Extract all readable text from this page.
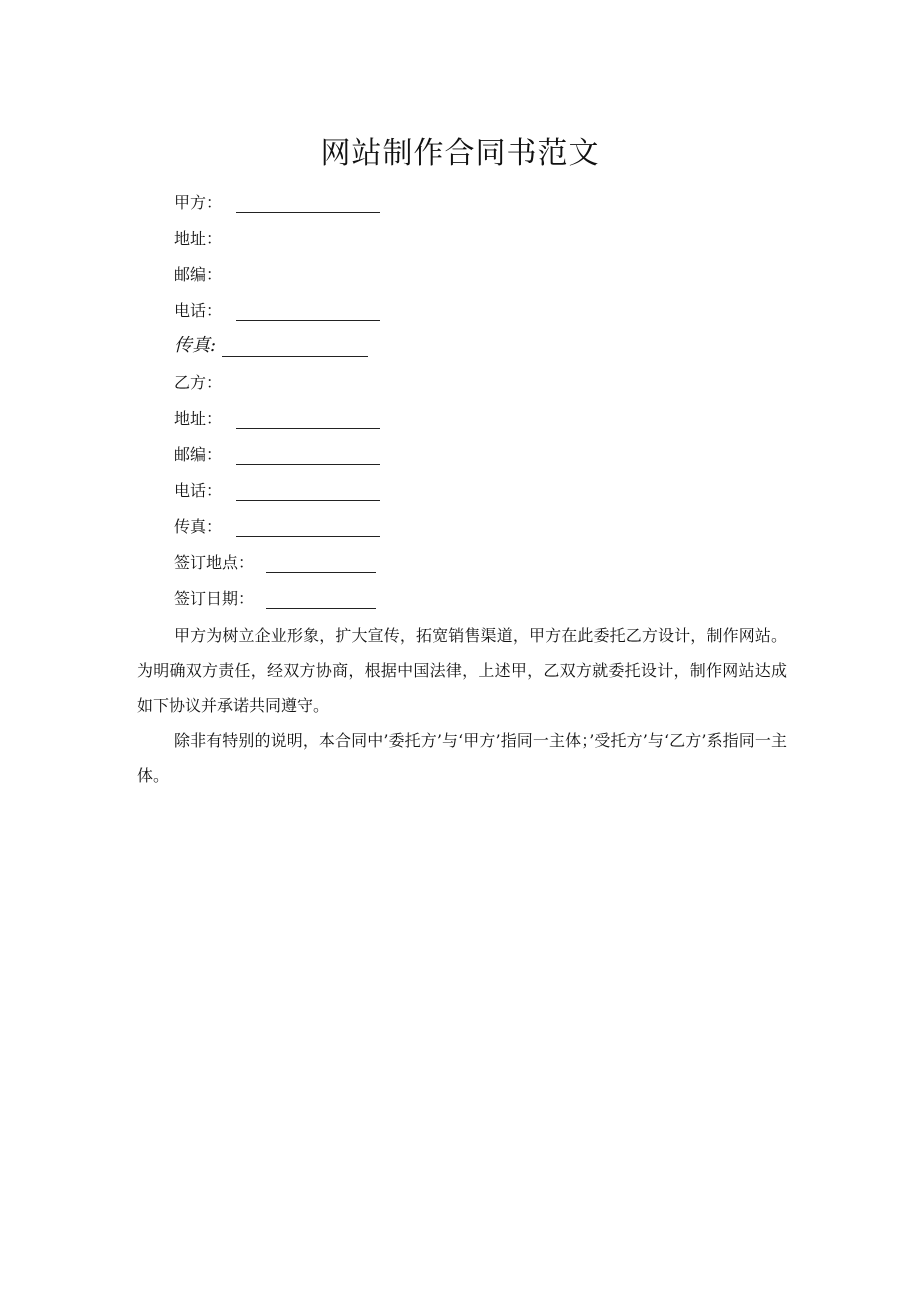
网站制作合同书范文
甲方：
地址：
邮编：
电话：
传真:
乙方：
地址：
邮编：
电话：
传真：
签订地点：
签订日期：

甲方为树立企业形象，扩大宣传，拓宽销售渠道，甲方在此委托乙方设计，制作网站。为明确双方责任，经双方协商，根据中国法律，上述甲，乙双方就委托设计，制作网站达成如下协议并承诺共同遵守。

除非有特别的说明，本合同中’委托方’与‘甲方’指同一主体；’受托方’与‘乙方’系指同一主体。
